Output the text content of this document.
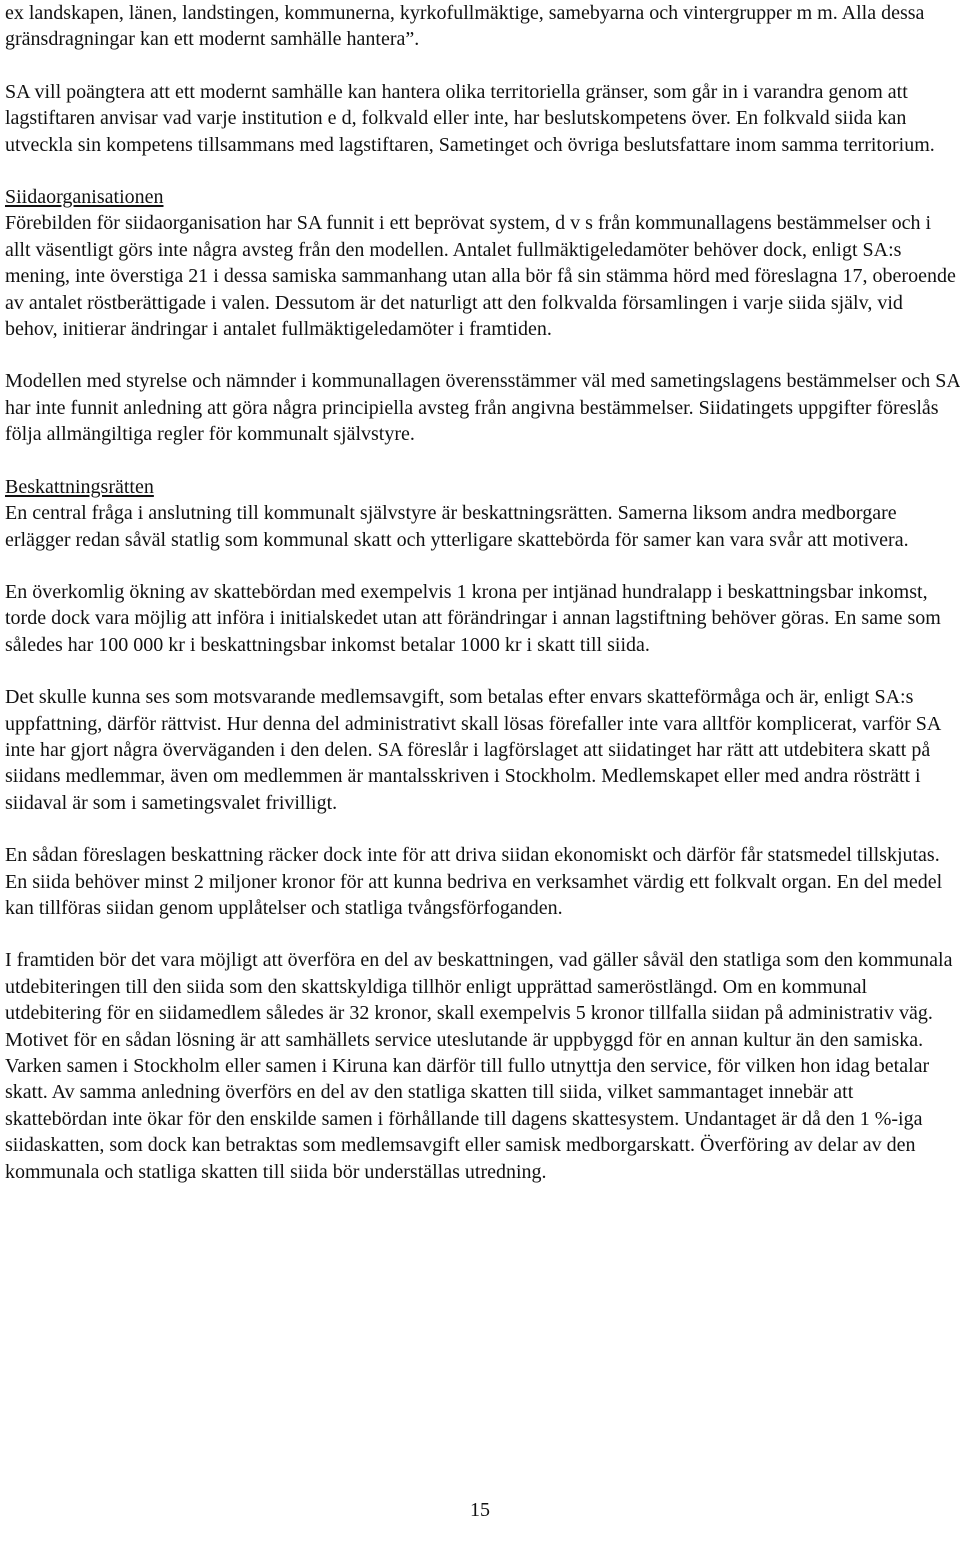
ex landskapen, länen, landstingen, kommunerna, kyrkofullmäktige, samebyarna och vintergrupper m m. Alla dessa gränsdragningar kan ett modernt samhälle hantera”.

SA vill poängtera att ett modernt samhälle kan hantera olika territoriella gränser, som går in i varandra genom att lagstiftaren anvisar vad varje institution e d, folkvald eller inte, har beslutskompetens över. En folkvald siida kan utveckla sin kompetens tillsammans med lagstiftaren, Sametinget och övriga beslutsfattare inom samma territorium.

Siidaorganisationen

Förebilden för siidaorganisation har SA funnit i ett beprövat system, d v s från kommunallagens bestämmelser och i allt väsentligt görs inte några avsteg från den modellen. Antalet fullmäktigeledamöter behöver dock, enligt SA:s mening, inte överstiga 21 i dessa samiska sammanhang utan alla bör få sin stämma hörd med föreslagna 17, oberoende av antalet röstberättigade i valen. Dessutom är det naturligt att den folkvalda församlingen i varje siida själv, vid behov, initierar ändringar i antalet fullmäktigeledamöter i framtiden.

Modellen med styrelse och nämnder i kommunallagen överensstämmer väl med sametingslagens bestämmelser och SA har inte funnit anledning att göra några principiella avsteg från angivna bestämmelser. Siidatingets uppgifter föreslås följa allmängiltiga regler för kommunalt självstyre.

Beskattningsrätten

En central fråga i anslutning till kommunalt självstyre är beskattningsrätten. Samerna liksom andra medborgare erlägger redan såväl statlig som kommunal skatt och ytterligare skattebörda för samer kan vara svår att motivera.

En överkomlig ökning av skattebördan med exempelvis 1 krona per intjänad hundralapp i beskattningsbar inkomst, torde dock vara möjlig att införa i initialskedet utan att förändringar i annan lagstiftning behöver göras. En same som således har 100 000 kr i beskattningsbar inkomst betalar 1000 kr i skatt till siida.

Det skulle kunna ses som motsvarande medlemsavgift, som betalas efter envars skatteförmåga och är, enligt SA:s uppfattning, därför rättvist. Hur denna del administrativt skall lösas förefaller inte vara alltför komplicerat, varför SA inte har gjort några överväganden i den delen. SA föreslår i lagförslaget att siidatinget har rätt att utdebitera skatt på siidans medlemmar, även om medlemmen är mantalsskriven i Stockholm. Medlemskapet eller med andra rösträtt i siidaval är som i sametingsvalet frivilligt.

En sådan föreslagen beskattning räcker dock inte för att driva siidan ekonomiskt och därför får statsmedel tillskjutas. En siida behöver minst 2 miljoner kronor för att kunna bedriva en verksamhet värdig ett folkvalt organ. En del medel kan tillföras siidan genom upplåtelser och statliga tvångsförfoganden.

I framtiden bör det vara möjligt att överföra en del av beskattningen, vad gäller såväl den statliga som den kommunala utdebiteringen till den siida som den skattskyldiga tillhör enligt upprättad sameröstlängd. Om en kommunal utdebitering för en siidamedlem således är 32 kronor, skall exempelvis 5 kronor tillfalla siidan på administrativ väg. Motivet för en sådan lösning är att samhällets service uteslutande är uppbyggd för en annan kultur än den samiska. Varken samen i Stockholm eller samen i Kiruna kan därför till fullo utnyttja den service, för vilken hon idag betalar skatt. Av samma anledning överförs en del av den statliga skatten till siida, vilket sammantaget innebär att skattebördan inte ökar för den enskilde samen i förhållande till dagens skattesystem. Undantaget är då den 1 %-iga siidaskatten, som dock kan betraktas som medlemsavgift eller samisk medborgarskatt. Överföring av delar av den kommunala och statliga skatten till siida bör underställas utredning.

15
